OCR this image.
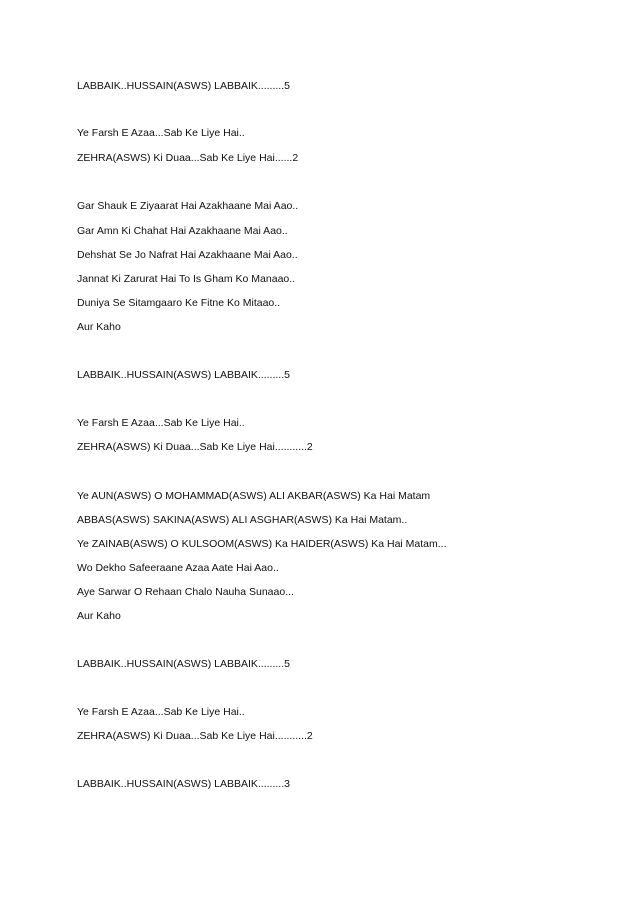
LABBAIK..HUSSAIN(ASWS) LABBAIK.........5
Ye Farsh E Azaa...Sab Ke Liye Hai..
ZEHRA(ASWS) Ki Duaa...Sab Ke Liye Hai......2
Gar Shauk E Ziyaarat Hai Azakhaane Mai Aao..
Gar Amn Ki Chahat Hai Azakhaane Mai Aao..
Dehshat Se Jo Nafrat Hai Azakhaane Mai Aao..
Jannat Ki Zarurat Hai To Is Gham Ko Manaao..
Duniya Se Sitamgaaro Ke Fitne Ko Mitaao..
Aur Kaho
LABBAIK..HUSSAIN(ASWS) LABBAIK.........5
Ye Farsh E Azaa...Sab Ke Liye Hai..
ZEHRA(ASWS) Ki Duaa...Sab Ke Liye Hai...........2
Ye AUN(ASWS) O MOHAMMAD(ASWS) ALI AKBAR(ASWS) Ka Hai Matam
ABBAS(ASWS) SAKINA(ASWS) ALI ASGHAR(ASWS) Ka Hai Matam..
Ye ZAINAB(ASWS) O KULSOOM(ASWS) Ka HAIDER(ASWS) Ka Hai Matam...
Wo Dekho Safeeraane Azaa Aate Hai Aao..
Aye Sarwar O Rehaan Chalo Nauha Sunaao...
Aur Kaho
LABBAIK..HUSSAIN(ASWS) LABBAIK.........5
Ye Farsh E Azaa...Sab Ke Liye Hai..
ZEHRA(ASWS) Ki Duaa...Sab Ke Liye Hai...........2
LABBAIK..HUSSAIN(ASWS) LABBAIK.........3
